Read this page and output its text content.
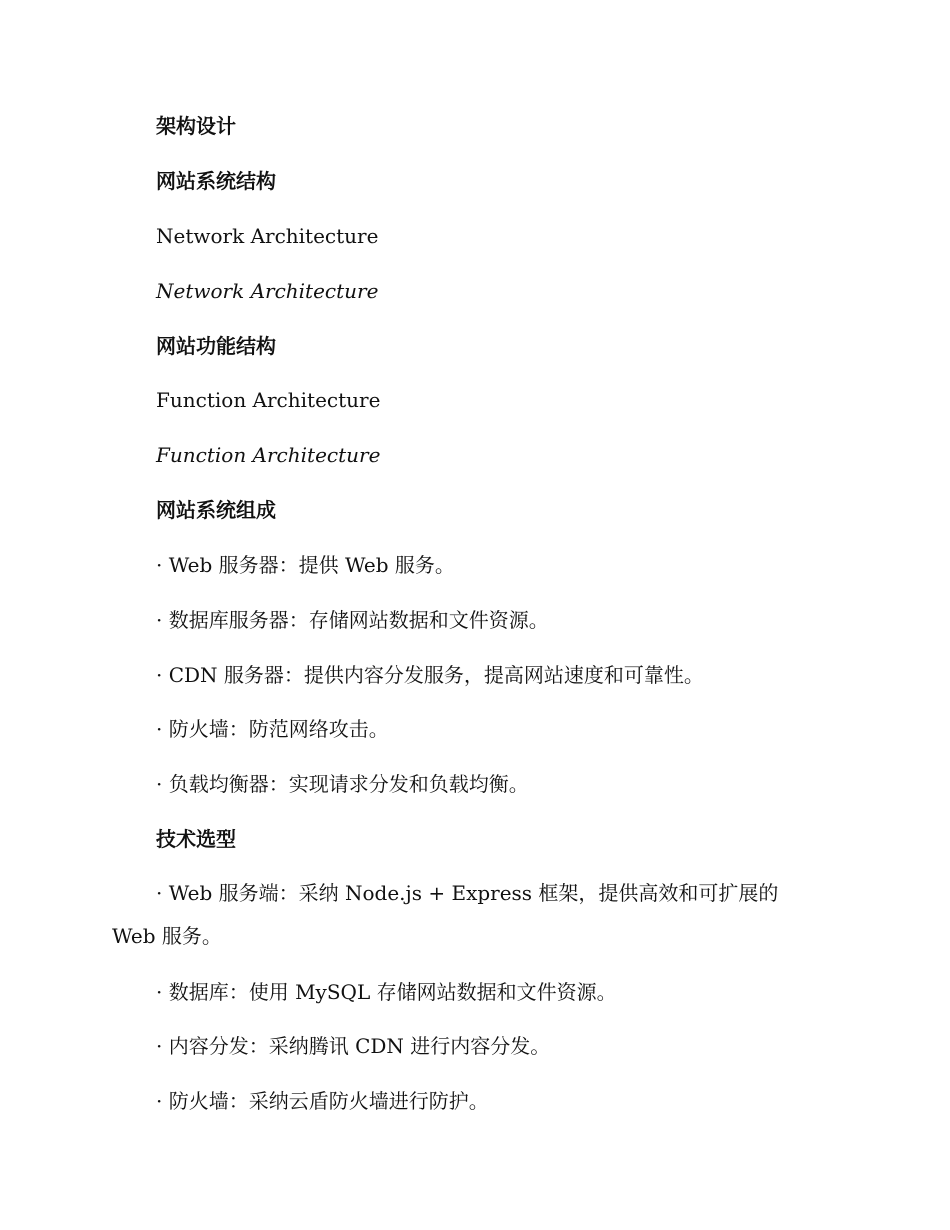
架构设计
网站系统结构
Network Architecture
Network Architecture
网站功能结构
Function Architecture
Function Architecture
网站系统组成
· Web 服务器：提供 Web 服务。
· 数据库服务器：存储网站数据和文件资源。
· CDN 服务器：提供内容分发服务，提高网站速度和可靠性。
· 防火墙：防范网络攻击。
· 负载均衡器：实现请求分发和负载均衡。
技术选型
· Web 服务端：采纳 Node.js + Express 框架，提供高效和可扩展的 Web 服务。
· 数据库：使用 MySQL 存储网站数据和文件资源。
· 内容分发：采纳腾讯 CDN 进行内容分发。
· 防火墙：采纳云盾防火墙进行防护。
